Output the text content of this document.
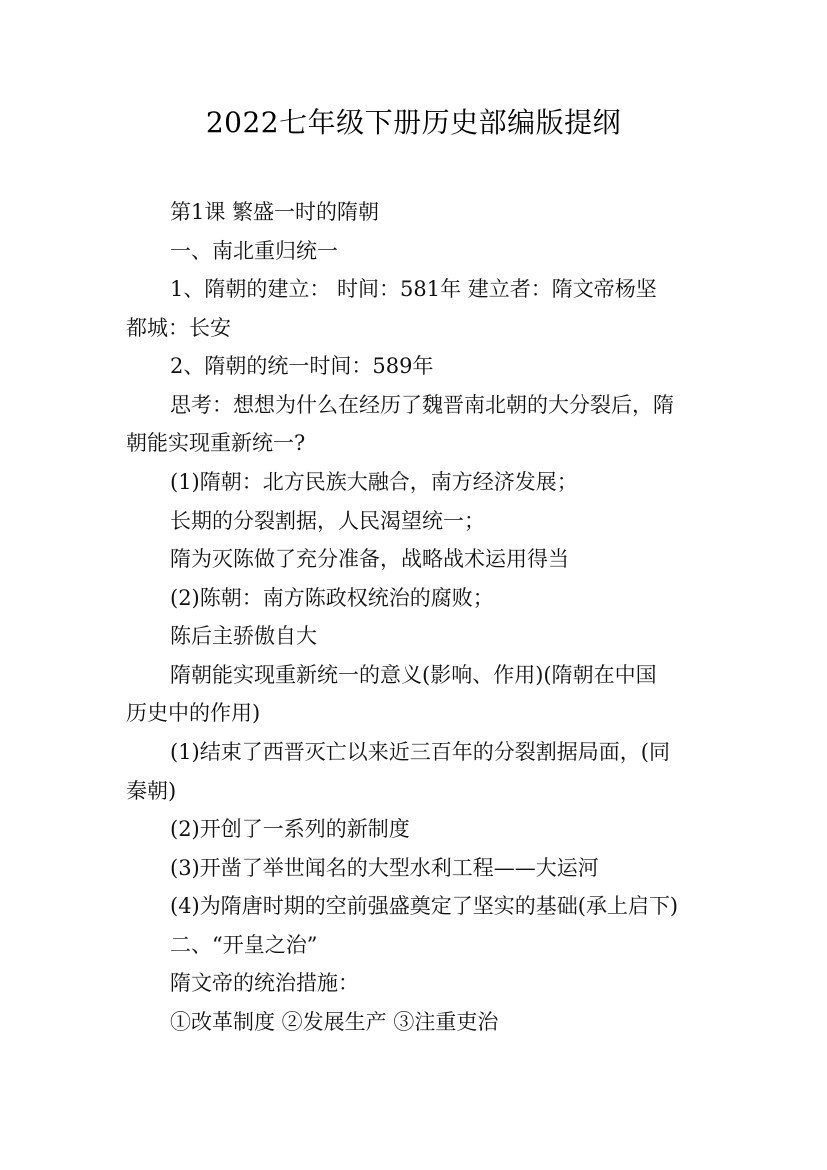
2022七年级下册历史部编版提纲
第1课 繁盛一时的隋朝
一、南北重归统一
1、隋朝的建立： 时间：581年 建立者：隋文帝杨坚
都城：长安
2、隋朝的统一时间：589年
思考：想想为什么在经历了魏晋南北朝的大分裂后，隋
朝能实现重新统一?
(1)隋朝：北方民族大融合，南方经济发展；
长期的分裂割据，人民渴望统一；
隋为灭陈做了充分准备，战略战术运用得当
(2)陈朝：南方陈政权统治的腐败；
陈后主骄傲自大
隋朝能实现重新统一的意义(影响、作用)(隋朝在中国
历史中的作用)
(1)结束了西晋灭亡以来近三百年的分裂割据局面，(同
秦朝)
(2)开创了一系列的新制度
(3)开凿了举世闻名的大型水利工程——大运河
(4)为隋唐时期的空前强盛奠定了坚实的基础(承上启下)
二、“开皇之治”
隋文帝的统治措施：
①改革制度 ②发展生产 ③注重吏治
